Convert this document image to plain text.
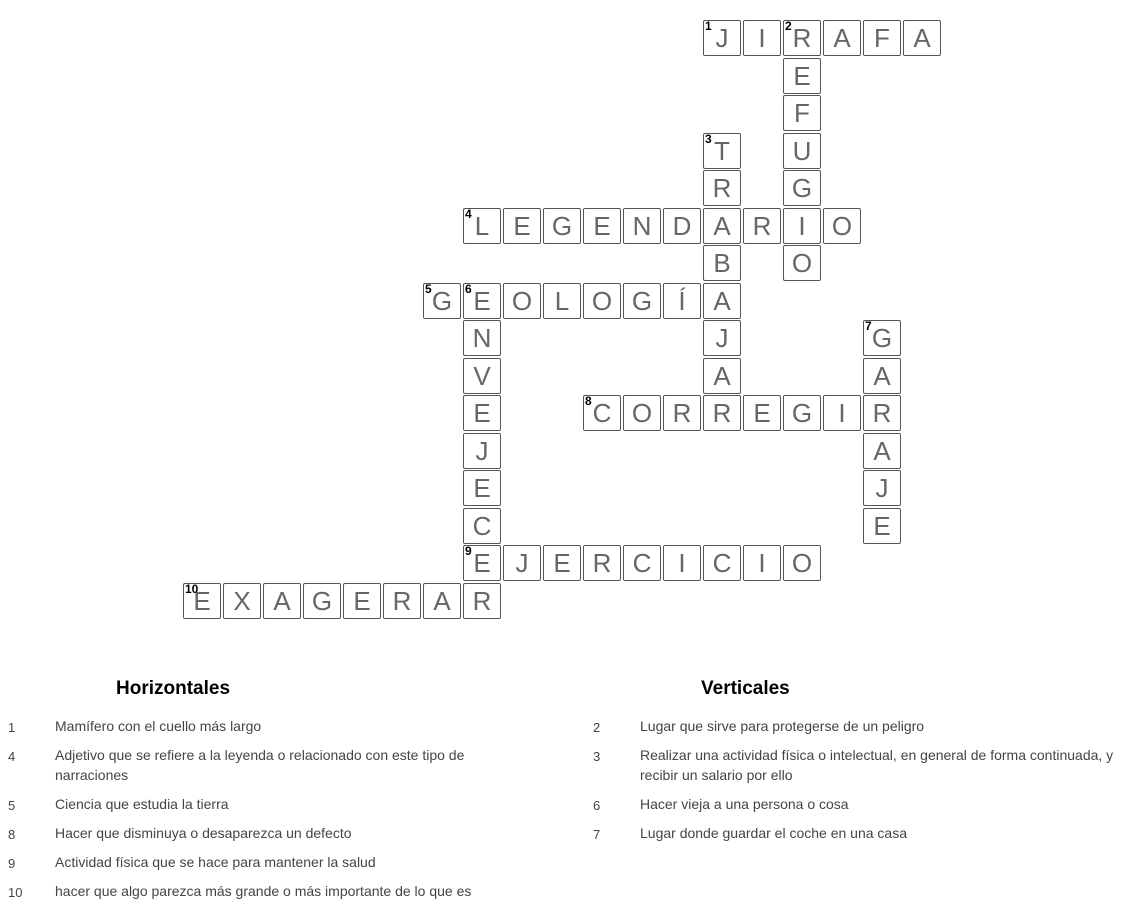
J
1 I R
2 A F A
E
F
U
G
I
O
T
3
R
A
B
A
J
A
R
L
4 E G E N D R O
G
5 E
6 O L O G Í
N
V
E
J
E
C
E
9
R
G
7
A
R
A
J
E
C
8 O R E G I
J E R C I C I O
E
10 X A G E R A
Horizontales	Verticales
1	Mamífero con el cuello más largo
4	Adjetivo que se refiere a la leyenda o relacionado con este tipo de narraciones
5	Ciencia que estudia la tierra
8	Hacer que disminuya o desaparezca un defecto
9	Actividad física que se hace para mantener la salud
10 hacer que algo parezca más grande o más importante de lo que es
2	Lugar que sirve para protegerse de un peligro
3	Realizar una actividad física o intelectual, en general de forma continuada, y recibir un salario por ello
6	Hacer vieja a una persona o cosa
7	Lugar donde guardar el coche en una casa
